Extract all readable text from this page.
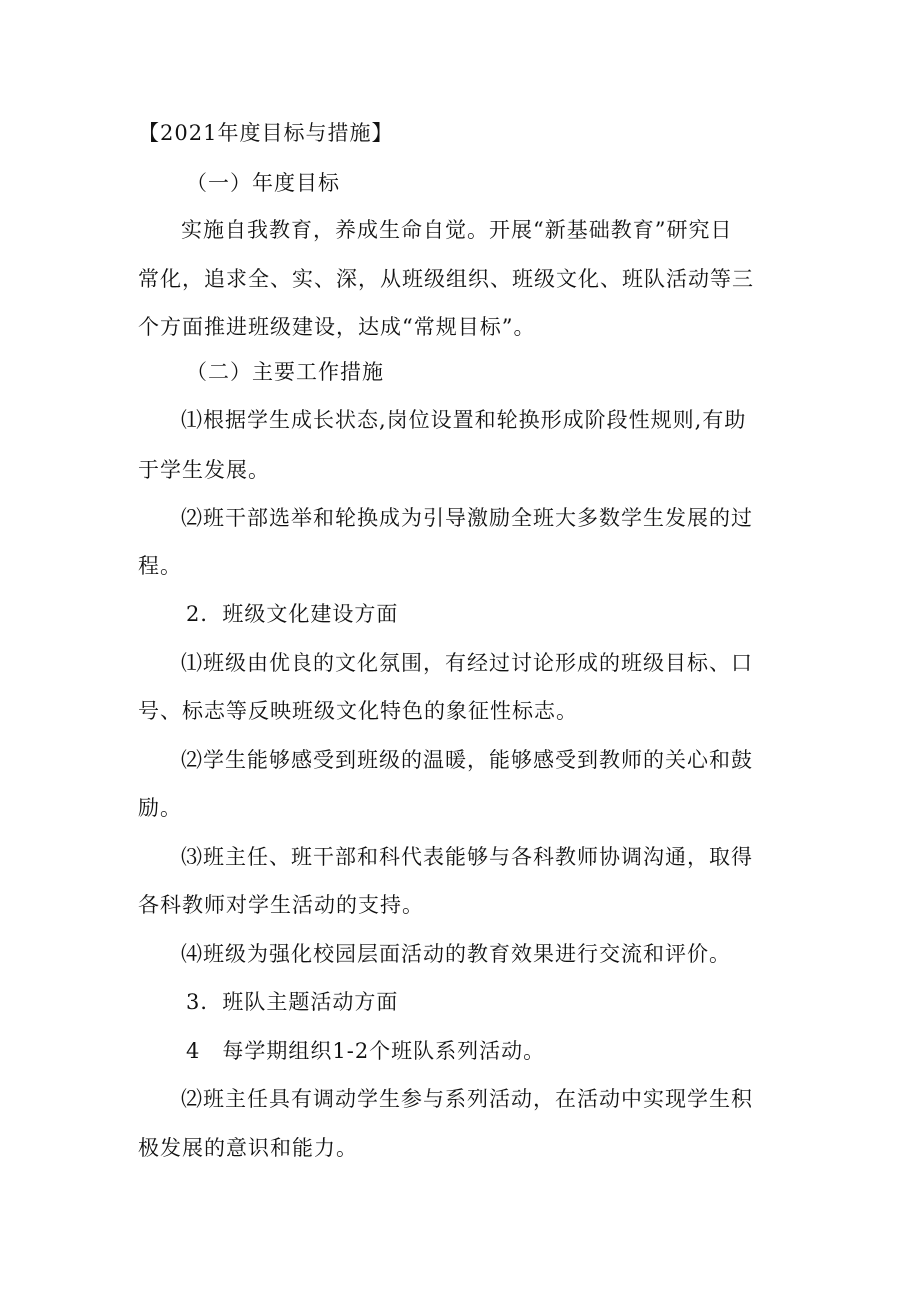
【2021年度目标与措施】
（一）年度目标
实施自我教育，养成生命自觉。开展“新基础教育”研究日
常化，追求全、实、深，从班级组织、班级文化、班队活动等三
个方面推进班级建设，达成“常规目标”。
（二）主要工作措施
⑴根据学生成长状态,岗位设置和轮换形成阶段性规则,有助
于学生发展。
⑵班干部选举和轮换成为引导激励全班大多数学生发展的过
程。
2．班级文化建设方面
⑴班级由优良的文化氛围，有经过讨论形成的班级目标、口
号、标志等反映班级文化特色的象征性标志。
⑵学生能够感受到班级的温暖，能够感受到教师的关心和鼓
励。
⑶班主任、班干部和科代表能够与各科教师协调沟通，取得
各科教师对学生活动的支持。
⑷班级为强化校园层面活动的教育效果进行交流和评价。
3．班队主题活动方面
4　每学期组织1-2个班队系列活动。
⑵班主任具有调动学生参与系列活动，在活动中实现学生积
极发展的意识和能力。
